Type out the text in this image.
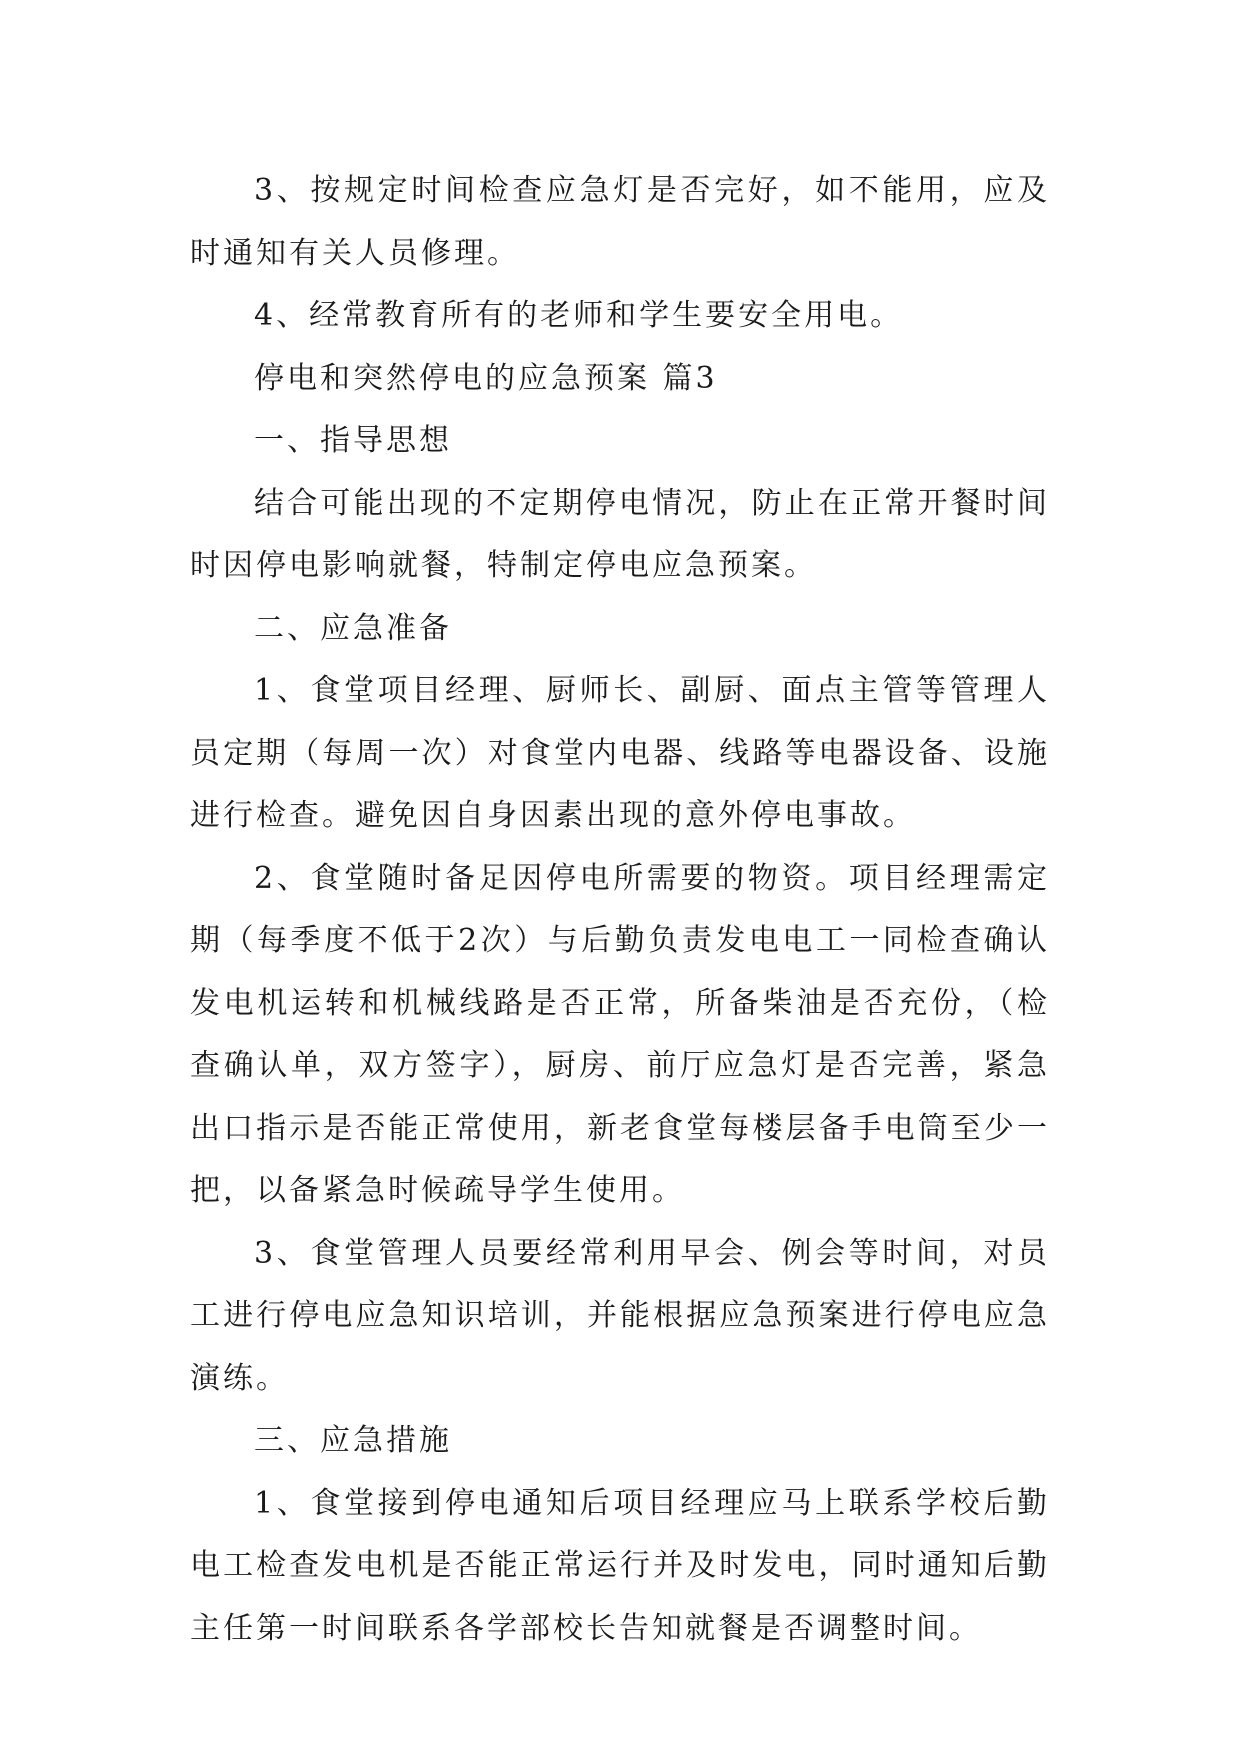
3、按规定时间检查应急灯是否完好，如不能用，应及时通知有关人员修理。

4、经常教育所有的老师和学生要安全用电。

停电和突然停电的应急预案 篇3

一、指导思想

结合可能出现的不定期停电情况，防止在正常开餐时间时因停电影响就餐，特制定停电应急预案。

二、应急准备

1、食堂项目经理、厨师长、副厨、面点主管等管理人员定期（每周一次）对食堂内电器、线路等电器设备、设施进行检查。避免因自身因素出现的意外停电事故。

2、食堂随时备足因停电所需要的物资。项目经理需定期（每季度不低于2次）与后勤负责发电电工一同检查确认发电机运转和机械线路是否正常，所备柴油是否充份，（检查确认单，双方签字），厨房、前厅应急灯是否完善，紧急出口指示是否能正常使用，新老食堂每楼层备手电筒至少一把，以备紧急时候疏导学生使用。

3、食堂管理人员要经常利用早会、例会等时间，对员工进行停电应急知识培训，并能根据应急预案进行停电应急演练。

三、应急措施

1、食堂接到停电通知后项目经理应马上联系学校后勤电工检查发电机是否能正常运行并及时发电，同时通知后勤主任第一时间联系各学部校长告知就餐是否调整时间。
